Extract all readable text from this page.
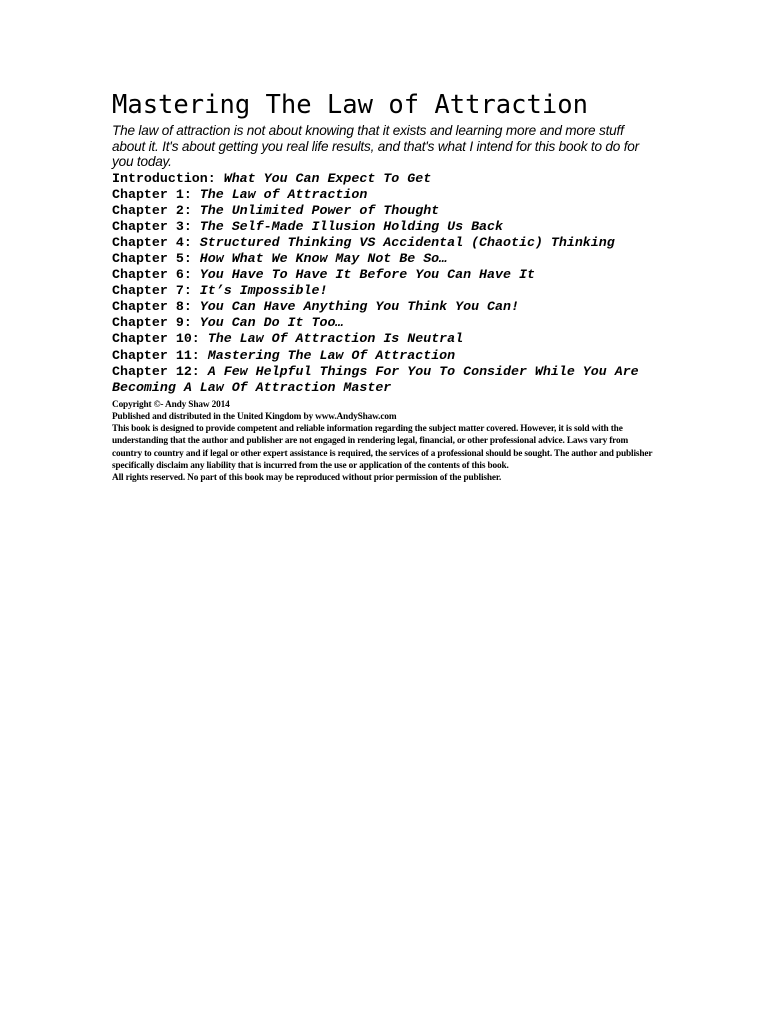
Mastering The Law of Attraction

The law of attraction is not about knowing that it exists and learning more and more stuff about it. It's about getting you real life results, and that's what I intend for this book to do for you today.

Introduction: What You Can Expect To Get
Chapter 1: The Law of Attraction
Chapter 2: The Unlimited Power of Thought
Chapter 3: The Self-Made Illusion Holding Us Back
Chapter 4: Structured Thinking VS Accidental (Chaotic) Thinking
Chapter 5: How What We Know May Not Be So…
Chapter 6: You Have To Have It Before You Can Have It
Chapter 7: It’s Impossible!
Chapter 8: You Can Have Anything You Think You Can!
Chapter 9: You Can Do It Too…
Chapter 10: The Law Of Attraction Is Neutral
Chapter 11: Mastering The Law Of Attraction
Chapter 12: A Few Helpful Things For You To Consider While You Are Becoming A Law Of Attraction Master

Copyright ©- Andy Shaw 2014

Published and distributed in the United Kingdom by www.AndyShaw.com

This book is designed to provide competent and reliable information regarding the subject matter covered. However, it is sold with the understanding that the author and publisher are not engaged in rendering legal, financial, or other professional advice. Laws vary from country to country and if legal or other expert assistance is required, the services of a professional should be sought. The author and publisher specifically disclaim any liability that is incurred from the use or application of the contents of this book.

All rights reserved. No part of this book may be reproduced without prior permission of the publisher.
